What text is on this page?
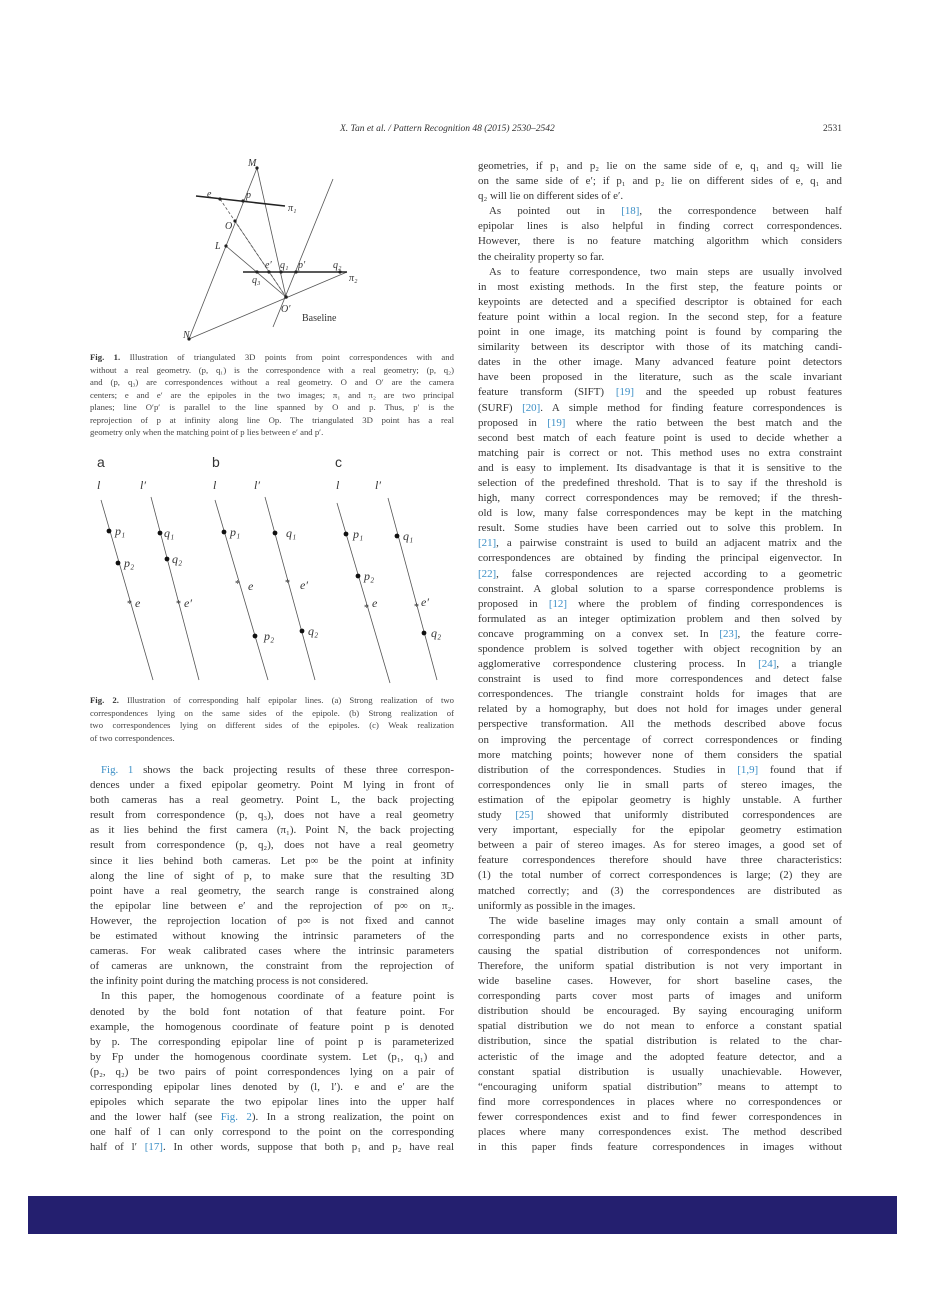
X. Tan et al. / Pattern Recognition 48 (2015) 2530–2542	2531
M
e	p
π₁
O
L
e′ q₁ p′	q₂
q₃	π₂
O′
N
Baseline
*	*
*	*
*	*
a	b	c
l	l′	l	l′	l	l′
p₁
p₂
e
q₁
q₂
e′
p₁
e
p₂
q₁
e′
q₂
p₁
p₂
e
q₁
e′
q₂
Fig. 1. Illustration of triangulated 3D points from point correspondences with and
without a real geometry. (p, q₁) is the correspondence with a real geometry; (p, q₂)
and (p, q₃) are correspondences without a real geometry. O and O′ are the camera
centers; e and e′ are the epipoles in the two images; π₁ and π₂ are two principal
planes; line O′p′ is parallel to the line spanned by O and p. Thus, p′ is the
reprojection of p at infinity along line Op. The triangulated 3D point has a real
geometry only when the matching point of p lies between e′ and p′.
Fig. 2. Illustration of corresponding half epipolar lines. (a) Strong realization of two
correspondences lying on the same sides of the epipole. (b) Strong realization of
two correspondences lying on different sides of the epipoles. (c) Weak realization
of two correspondences.
Fig. 1 shows the back projecting results of these three correspon-
dences under a fixed epipolar geometry. Point M lying in front of
both cameras has a real geometry. Point L, the back projecting
result from correspondence (p, q₃), does not have a real geometry
as it lies behind the first camera (π₁). Point N, the back projecting
result from correspondence (p, q₂), does not have a real geometry
since it lies behind both cameras. Let p∞ be the point at infinity
along the line of sight of p, to make sure that the resulting 3D
point have a real geometry, the search range is constrained along
the epipolar line between e′ and the reprojection of p∞ on π₂.
However, the reprojection location of p∞ is not fixed and cannot
be estimated without knowing the intrinsic parameters of the
cameras. For weak calibrated cases where the intrinsic parameters
of cameras are unknown, the constraint from the reprojection of
the infinity point during the matching process is not considered.
In this paper, the homogenous coordinate of a feature point is
denoted by the bold font notation of that feature point. For
example, the homogenous coordinate of feature point p is denoted
by p. The corresponding epipolar line of point p is parameterized
by Fp under the homogenous coordinate system. Let (p₁, q₁) and
(p₂, q₂) be two pairs of point correspondences lying on a pair of
corresponding epipolar lines denoted by (l, l′). e and e′ are the
epipoles which separate the two epipolar lines into the upper half
and the lower half (see Fig. 2). In a strong realization, the point on
one half of l can only correspond to the point on the corresponding
half of l′ [17]. In other words, suppose that both p₁ and p₂ have real
geometries, if p₁ and p₂ lie on the same side of e, q₁ and q₂ will lie
on the same side of e′; if p₁ and p₂ lie on different sides of e, q₁ and
q₂ will lie on different sides of e′.
As pointed out in [18], the correspondence between half
epipolar lines is also helpful in finding correct correspondences.
However, there is no feature matching algorithm which considers
the cheirality property so far.
As to feature correspondence, two main steps are usually involved
in most existing methods. In the first step, the feature points or
keypoints are detected and a specified descriptor is obtained for each
feature point within a local region. In the second step, for a feature
point in one image, its matching point is found by comparing the
similarity between its descriptor with those of its matching candi-
dates in the other image. Many advanced feature point detectors
have been proposed in the literature, such as the scale invariant
feature transform (SIFT) [19] and the speeded up robust features
(SURF) [20]. A simple method for finding feature correspondences is
proposed in [19] where the ratio between the best match and the
second best match of each feature point is used to decide whether a
matching pair is correct or not. This method uses no extra constraint
and is easy to implement. Its disadvantage is that it is sensitive to the
selection of the predefined threshold. That is to say if the threshold is
high, many correct correspondences may be removed; if the thresh-
old is low, many false correspondences may be kept in the matching
result. Some studies have been carried out to solve this problem. In
[21], a pairwise constraint is used to build an adjacent matrix and the
correspondences are obtained by finding the principal eigenvector. In
[22], false correspondences are rejected according to a geometric
constraint. A global solution to a sparse correspondence problems is
proposed in [12] where the problem of finding correspondences is
formulated as an integer optimization problem and then solved by
concave programming on a convex set. In [23], the feature corre-
spondence problem is solved together with object recognition by an
agglomerative correspondence clustering process. In [24], a triangle
constraint is used to find more correspondences and detect false
correspondences. The triangle constraint holds for images that are
related by a homography, but does not hold for images under general
perspective transformation. All the methods described above focus
on improving the percentage of correct correspondences or finding
more matching points; however none of them considers the spatial
distribution of the correspondences. Studies in [1,9] found that if
correspondences only lie in small parts of stereo images, the
estimation of the epipolar geometry is highly unstable. A further
study [25] showed that uniformly distributed correspondences are
very important, especially for the epipolar geometry estimation
between a pair of stereo images. As for stereo images, a good set of
feature correspondences therefore should have three characteristics:
(1) the total number of correct correspondences is large; (2) they are
matched correctly; and (3) the correspondences are distributed as
uniformly as possible in the images.
The wide baseline images may only contain a small amount of
corresponding parts and no correspondence exists in other parts,
causing the spatial distribution of correspondences not uniform.
Therefore, the uniform spatial distribution is not very important in
wide baseline cases. However, for short baseline cases, the
corresponding parts cover most parts of images and uniform
distribution should be encouraged. By saying encouraging uniform
spatial distribution we do not mean to enforce a constant spatial
distribution, since the spatial distribution is related to the char-
acteristic of the image and the adopted feature detector, and a
constant spatial distribution is usually unachievable. However,
“encouraging uniform spatial distribution” means to attempt to
find more correspondences in places where no correspondences or
fewer correspondences exist and to find fewer correspondences in
places where many correspondences exist. The method described
in this paper finds feature correspondences in images without
